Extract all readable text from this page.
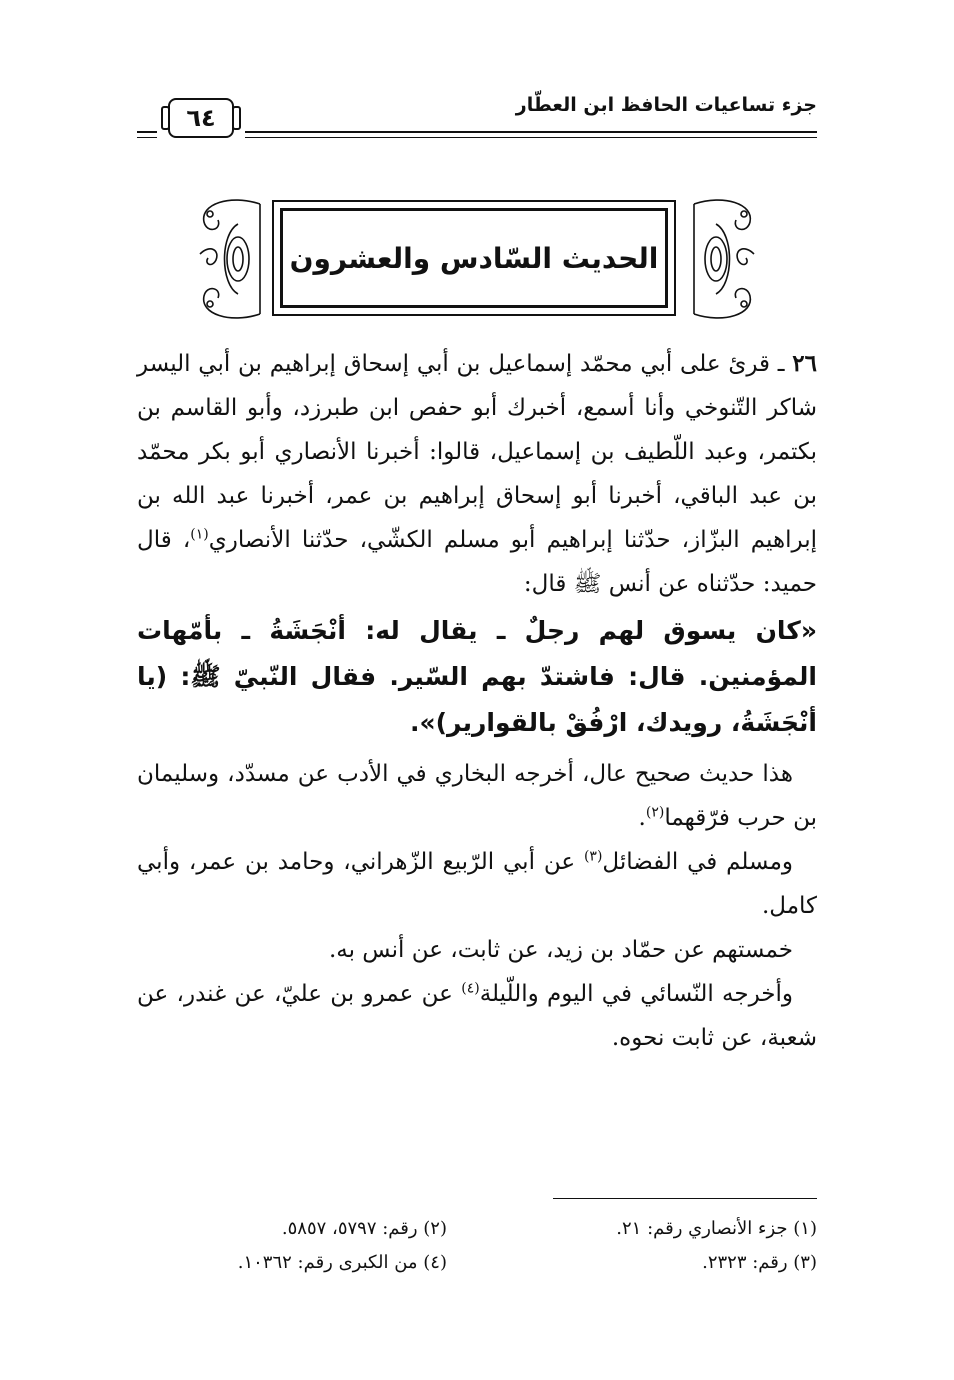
جزء تساعيات الحافظ ابن العطّار
٦٤
الحديث السّادس والعشرون

٢٦ ـ قرئ على أبي محمّد إسماعيل بن أبي إسحاق إبراهيم بن أبي اليسر شاكر التّنوخي وأنا أسمع، أخبرك أبو حفص ابن طبرزد، وأبو القاسم بن بكتمر، وعبد اللّطيف بن إسماعيل، قالوا: أخبرنا الأنصاري أبو بكر محمّد بن عبد الباقي، أخبرنا أبو إسحاق إبراهيم بن عمر، أخبرنا عبد الله بن إبراهيم البزّاز، حدّثنا إبراهيم أبو مسلم الكشّي، حدّثنا الأنصاري$^{(١)}$، قال حميد: حدّثناه عن أنس ﷺ قال:

«كان يسوق لهم رجلٌ ـ يقال له: أنْجَشَةُ ـ بأمّهات المؤمنين. قال: فاشتدّ بهم السّير. فقال النّبيّ ﷺ: (يا أنْجَشَةُ، رويدك، ارْفُقْ بالقوارير)».

هذا حديث صحيح عال، أخرجه البخاري في الأدب عن مسدّد، وسليمان بن حرب فرّقهما$^{(٢)}$.

ومسلم في الفضائل$^{(٣)}$ عن أبي الرّبيع الزّهراني، وحامد بن عمر، وأبي كامل.

خمستهم عن حمّاد بن زيد، عن ثابت، عن أنس به.

وأخرجه النّسائي في اليوم واللّيلة$^{(٤)}$ عن عمرو بن عليّ، عن غندر، عن شعبة، عن ثابت نحوه.

(١) جزء الأنصاري رقم: ٢١.
(٢) رقم: ٥٧٩٧، ٥٨٥٧.
(٣) رقم: ٢٣٢٣.
(٤) من الكبرى رقم: ١٠٣٦٢.
